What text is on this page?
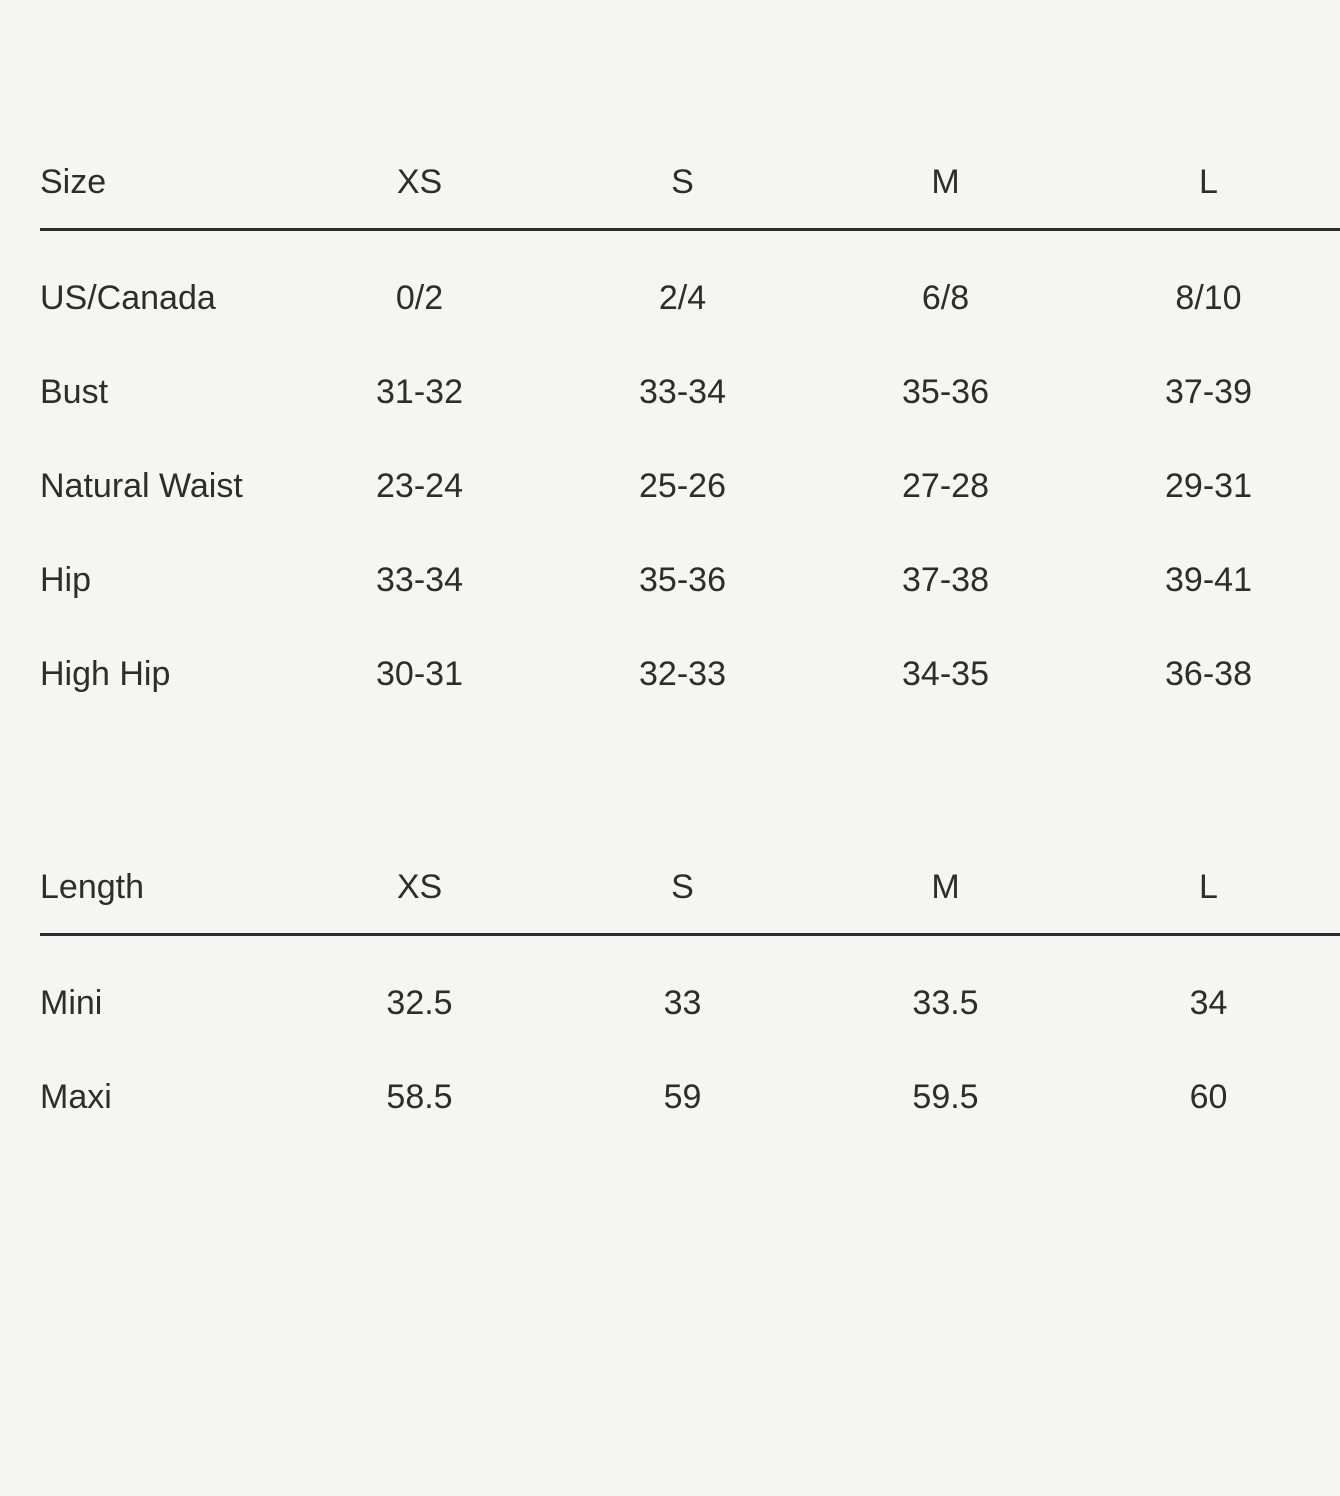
Size	XS	S	M	L
US/Canada	0/2	2/4	6/8	8/10
Bust	31-32	33-34	35-36	37-39
Natural Waist	23-24	25-26	27-28	29-31
Hip	33-34	35-36	37-38	39-41
High Hip	30-31	32-33	34-35	36-38
Length	XS	S	M	L
Mini	32.5	33	33.5	34
Maxi	58.5	59	59.5	60
